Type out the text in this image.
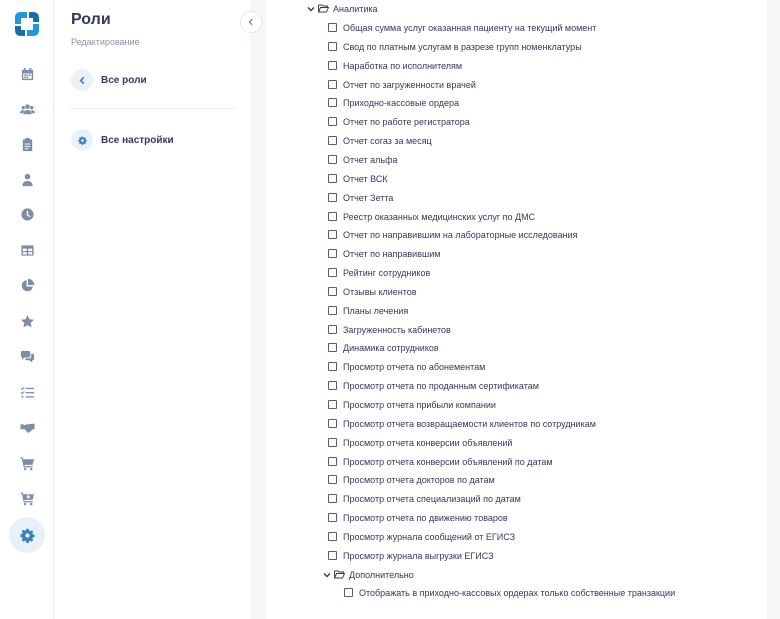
Роли
Редактирование
Все роли
Все настройки
Аналитика
Общая сумма услуг оказанная пациенту на текущий момент
Свод по платным услугам в разрезе групп номенклатуры
Наработка по исполнителям
Отчет по загруженности врачей
Приходно-кассовые ордера
Отчет по работе регистратора
Отчет согаз за месяц
Отчет альфа
Отчет ВСК
Отчет Зетта
Реестр оказанных медицинских услуг по ДМС
Отчет по направившим на лабораторные исследования
Отчет по направившим
Рейтинг сотрудников
Отзывы клиентов
Планы лечения
Загруженность кабинетов
Динамика сотрудников
Просмотр отчета по абонементам
Просмотр отчета по проданным сертификатам
Просмотр отчета прибыли компании
Просмотр отчета возвращаемости клиентов по сотрудникам
Просмотр отчета конверсии объявлений
Просмотр отчета конверсии объявлений по датам
Просмотр отчета докторов по датам
Просмотр отчета специализаций по датам
Просмотр отчета по движению товаров
Просмотр журнала сообщений от ЕГИСЗ
Просмотр журнала выгрузки ЕГИСЗ
Дополнительно
Отображать в приходно-кассовых ордерах только собственные транзакции
